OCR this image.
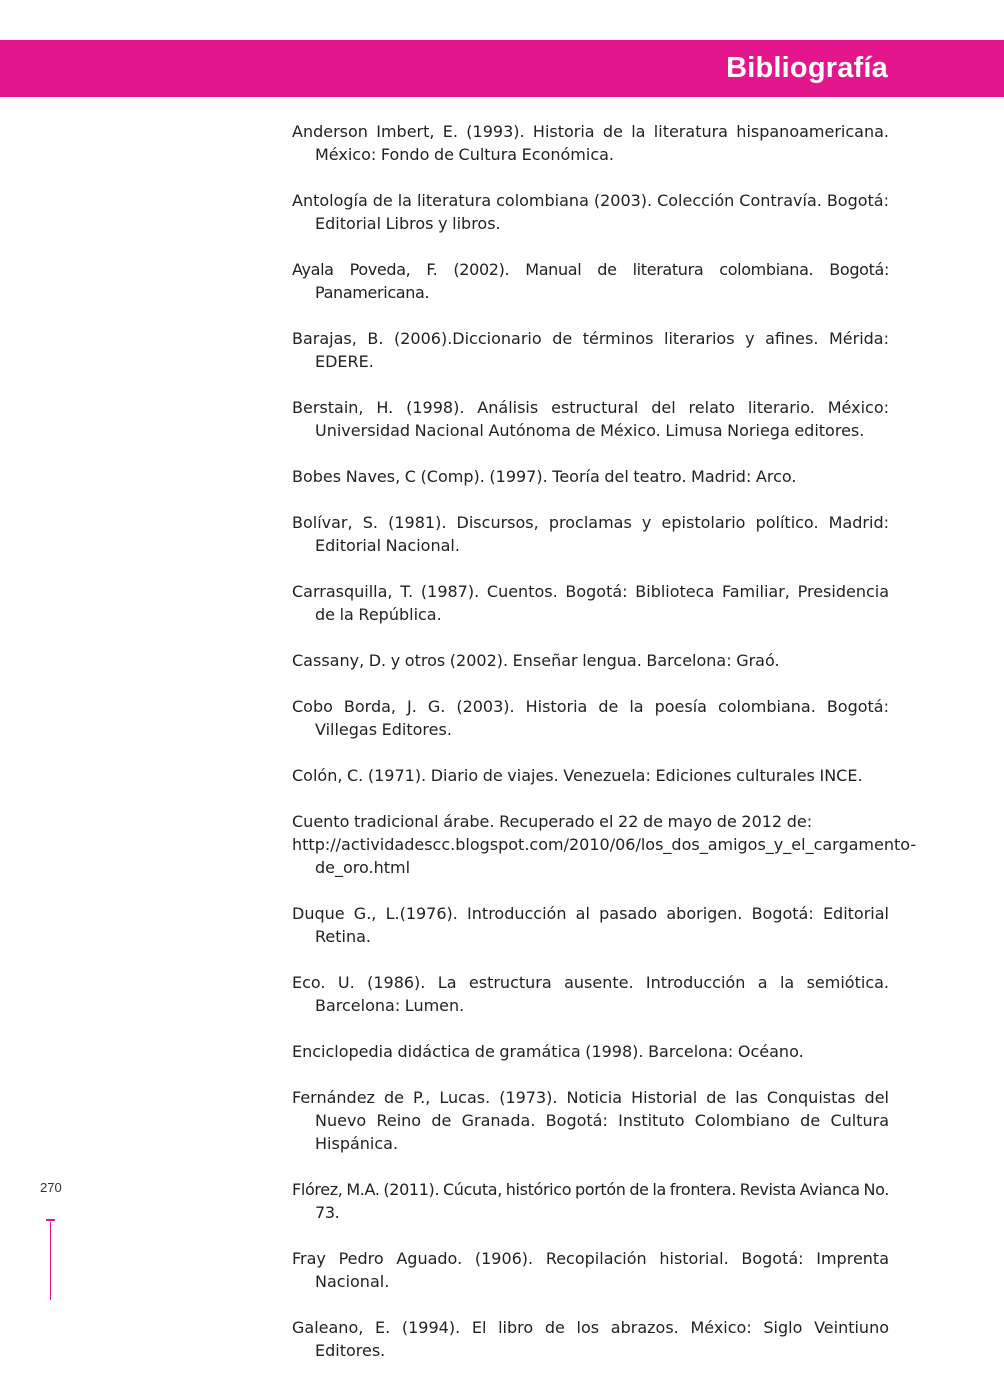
Bibliografía
Anderson Imbert, E. (1993). Historia de la literatura hispanoamericana. México: Fondo de Cultura Económica.
Antología de la literatura colombiana (2003). Colección Contravía. Bogotá: Editorial Libros y libros.
Ayala Poveda, F. (2002). Manual de literatura colombiana. Bogotá: Panamericana.
Barajas, B. (2006).Diccionario de términos literarios y afines. Mérida: EDERE.
Berstain, H. (1998). Análisis estructural del relato literario. México: Universidad Nacional Autónoma de México. Limusa Noriega editores.
Bobes Naves, C (Comp). (1997). Teoría del teatro. Madrid: Arco.
Bolívar, S. (1981). Discursos, proclamas y epistolario político. Madrid: Editorial Nacional.
Carrasquilla, T. (1987). Cuentos. Bogotá: Biblioteca Familiar, Presidencia de la República.
Cassany, D. y otros (2002). Enseñar lengua. Barcelona: Graó.
Cobo Borda, J. G. (2003). Historia de la poesía colombiana. Bogotá: Villegas Editores.
Colón, C. (1971). Diario de viajes. Venezuela: Ediciones culturales INCE.
Cuento tradicional árabe. Recuperado el 22 de mayo de 2012 de:
http://actividadescc.blogspot.com/2010/06/los_dos_amigos_y_el_cargamento-de_oro.html
Duque G., L.(1976). Introducción al pasado aborigen. Bogotá: Editorial Retina.
Eco. U. (1986). La estructura ausente. Introducción a la semiótica. Barcelona: Lumen.
Enciclopedia didáctica de gramática (1998). Barcelona: Océano.
Fernández de P., Lucas. (1973). Noticia Historial de las Conquistas del Nuevo Reino de Granada. Bogotá: Instituto Colombiano de Cultura Hispánica.
Flórez, M.A. (2011). Cúcuta, histórico portón de la frontera. Revista Avianca No. 73.
Fray Pedro Aguado. (1906). Recopilación historial. Bogotá: Imprenta Nacional.
Galeano, E. (1994). El libro de los abrazos. México: Siglo Veintiuno Editores.
270
